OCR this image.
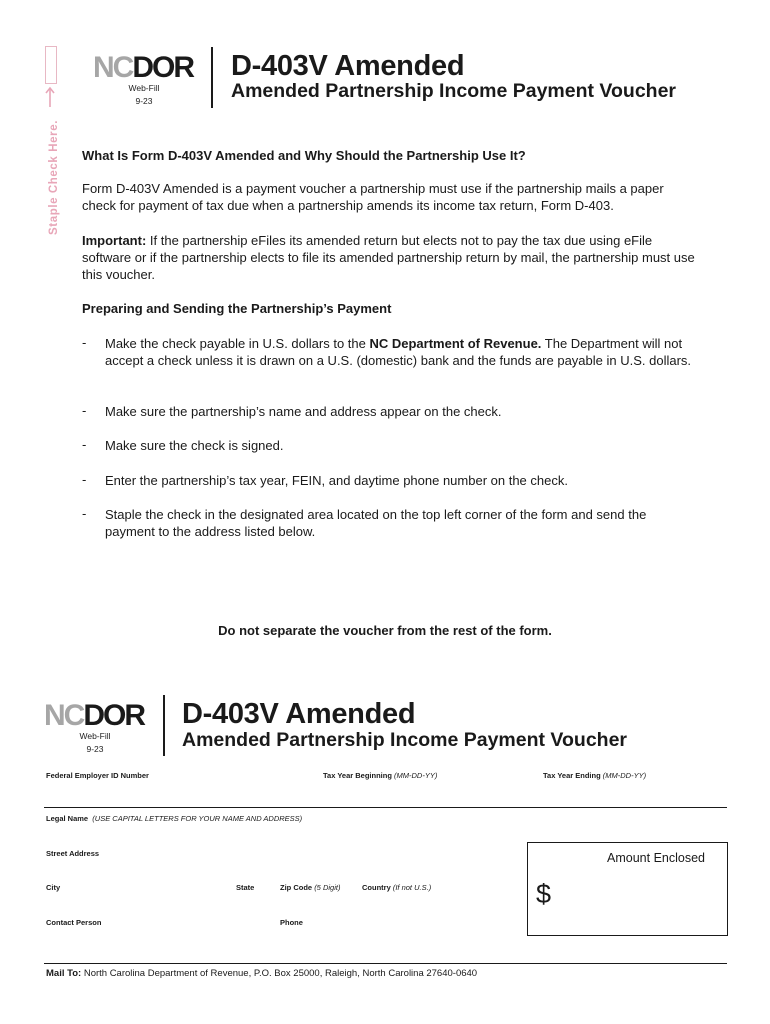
Staple Check Here.
NCDOR
Web-Fill
9-23
D-403V Amended
Amended Partnership Income Payment Voucher
What Is Form D-403V Amended and Why Should the Partnership Use It?
Form D-403V Amended is a payment voucher a partnership must use if the partnership mails a paper check for payment of tax due when a partnership amends its income tax return, Form D-403.
Important: If the partnership eFiles its amended return but elects not to pay the tax due using eFile software or if the partnership elects to file its amended partnership return by mail, the partnership must use this voucher.
Preparing and Sending the Partnership’s Payment
- Make the check payable in U.S. dollars to the NC Department of Revenue. The Department will not accept a check unless it is drawn on a U.S. (domestic) bank and the funds are payable in U.S. dollars.
- Make sure the partnership’s name and address appear on the check.
- Make sure the check is signed.
- Enter the partnership’s tax year, FEIN, and daytime phone number on the check.
- Staple the check in the designated area located on the top left corner of the form and send the payment to the address listed below.
Do not separate the voucher from the rest of the form.
NCDOR
Web-Fill
9-23
D-403V Amended
Amended Partnership Income Payment Voucher
Federal Employer ID Number	Tax Year Beginning (MM-DD-YY)	Tax Year Ending (MM-DD-YY)
Legal Name (USE CAPITAL LETTERS FOR YOUR NAME AND ADDRESS)
Street Address
City	State	Zip Code (5 Digit)	Country (If not U.S.)
Contact Person	Phone
Amount Enclosed
$
Mail To: North Carolina Department of Revenue, P.O. Box 25000, Raleigh, North Carolina 27640-0640
